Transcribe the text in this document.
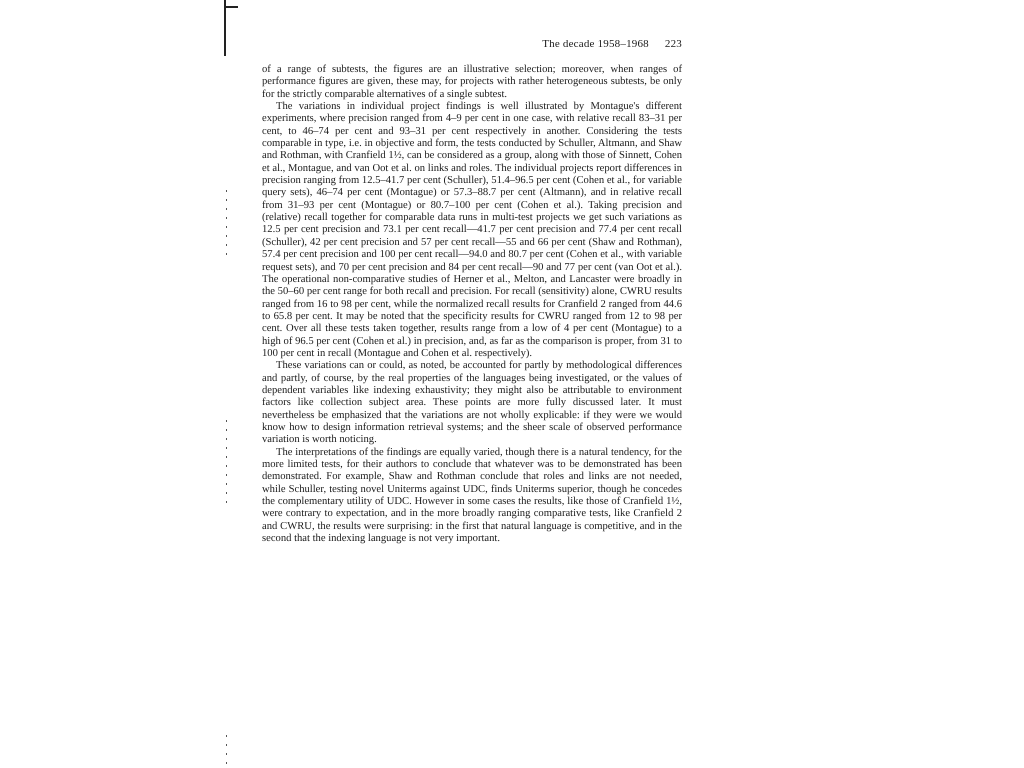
The decade 1958–1968 223

of a range of subtests, the figures are an illustrative selection; moreover, when ranges of performance figures are given, these may, for projects with rather heterogeneous subtests, be only for the strictly comparable alternatives of a single subtest.

The variations in individual project findings is well illustrated by Montague's different experiments, where precision ranged from 4–9 per cent in one case, with relative recall 83–31 per cent, to 46–74 per cent and 93–31 per cent respectively in another. Considering the tests comparable in type, i.e. in objective and form, the tests conducted by Schuller, Altmann, and Shaw and Rothman, with Cranfield 1½, can be considered as a group, along with those of Sinnett, Cohen et al., Montague, and van Oot et al. on links and roles. The individual projects report differences in precision ranging from 12.5–41.7 per cent (Schuller), 51.4–96.5 per cent (Cohen et al., for variable query sets), 46–74 per cent (Montague) or 57.3–88.7 per cent (Altmann), and in relative recall from 31–93 per cent (Montague) or 80.7–100 per cent (Cohen et al.). Taking precision and (relative) recall together for comparable data runs in multi-test projects we get such variations as 12.5 per cent precision and 73.1 per cent recall—41.7 per cent precision and 77.4 per cent recall (Schuller), 42 per cent precision and 57 per cent recall—55 and 66 per cent (Shaw and Rothman), 57.4 per cent precision and 100 per cent recall—94.0 and 80.7 per cent (Cohen et al., with variable request sets), and 70 per cent precision and 84 per cent recall—90 and 77 per cent (van Oot et al.). The operational non-comparative studies of Herner et al., Melton, and Lancaster were broadly in the 50–60 per cent range for both recall and precision. For recall (sensitivity) alone, CWRU results ranged from 16 to 98 per cent, while the normalized recall results for Cranfield 2 ranged from 44.6 to 65.8 per cent. It may be noted that the specificity results for CWRU ranged from 12 to 98 per cent. Over all these tests taken together, results range from a low of 4 per cent (Montague) to a high of 96.5 per cent (Cohen et al.) in precision, and, as far as the comparison is proper, from 31 to 100 per cent in recall (Montague and Cohen et al. respectively).

These variations can or could, as noted, be accounted for partly by methodological differences and partly, of course, by the real properties of the languages being investigated, or the values of dependent variables like indexing exhaustivity; they might also be attributable to environment factors like collection subject area. These points are more fully discussed later. It must nevertheless be emphasized that the variations are not wholly explicable: if they were we would know how to design information retrieval systems; and the sheer scale of observed performance variation is worth noticing.

The interpretations of the findings are equally varied, though there is a natural tendency, for the more limited tests, for their authors to conclude that whatever was to be demonstrated has been demonstrated. For example, Shaw and Rothman conclude that roles and links are not needed, while Schuller, testing novel Uniterms against UDC, finds Uniterms superior, though he concedes the complementary utility of UDC. However in some cases the results, like those of Cranfield 1½, were contrary to expectation, and in the more broadly ranging comparative tests, like Cranfield 2 and CWRU, the results were surprising: in the first that natural language is competitive, and in the second that the indexing language is not very important.
